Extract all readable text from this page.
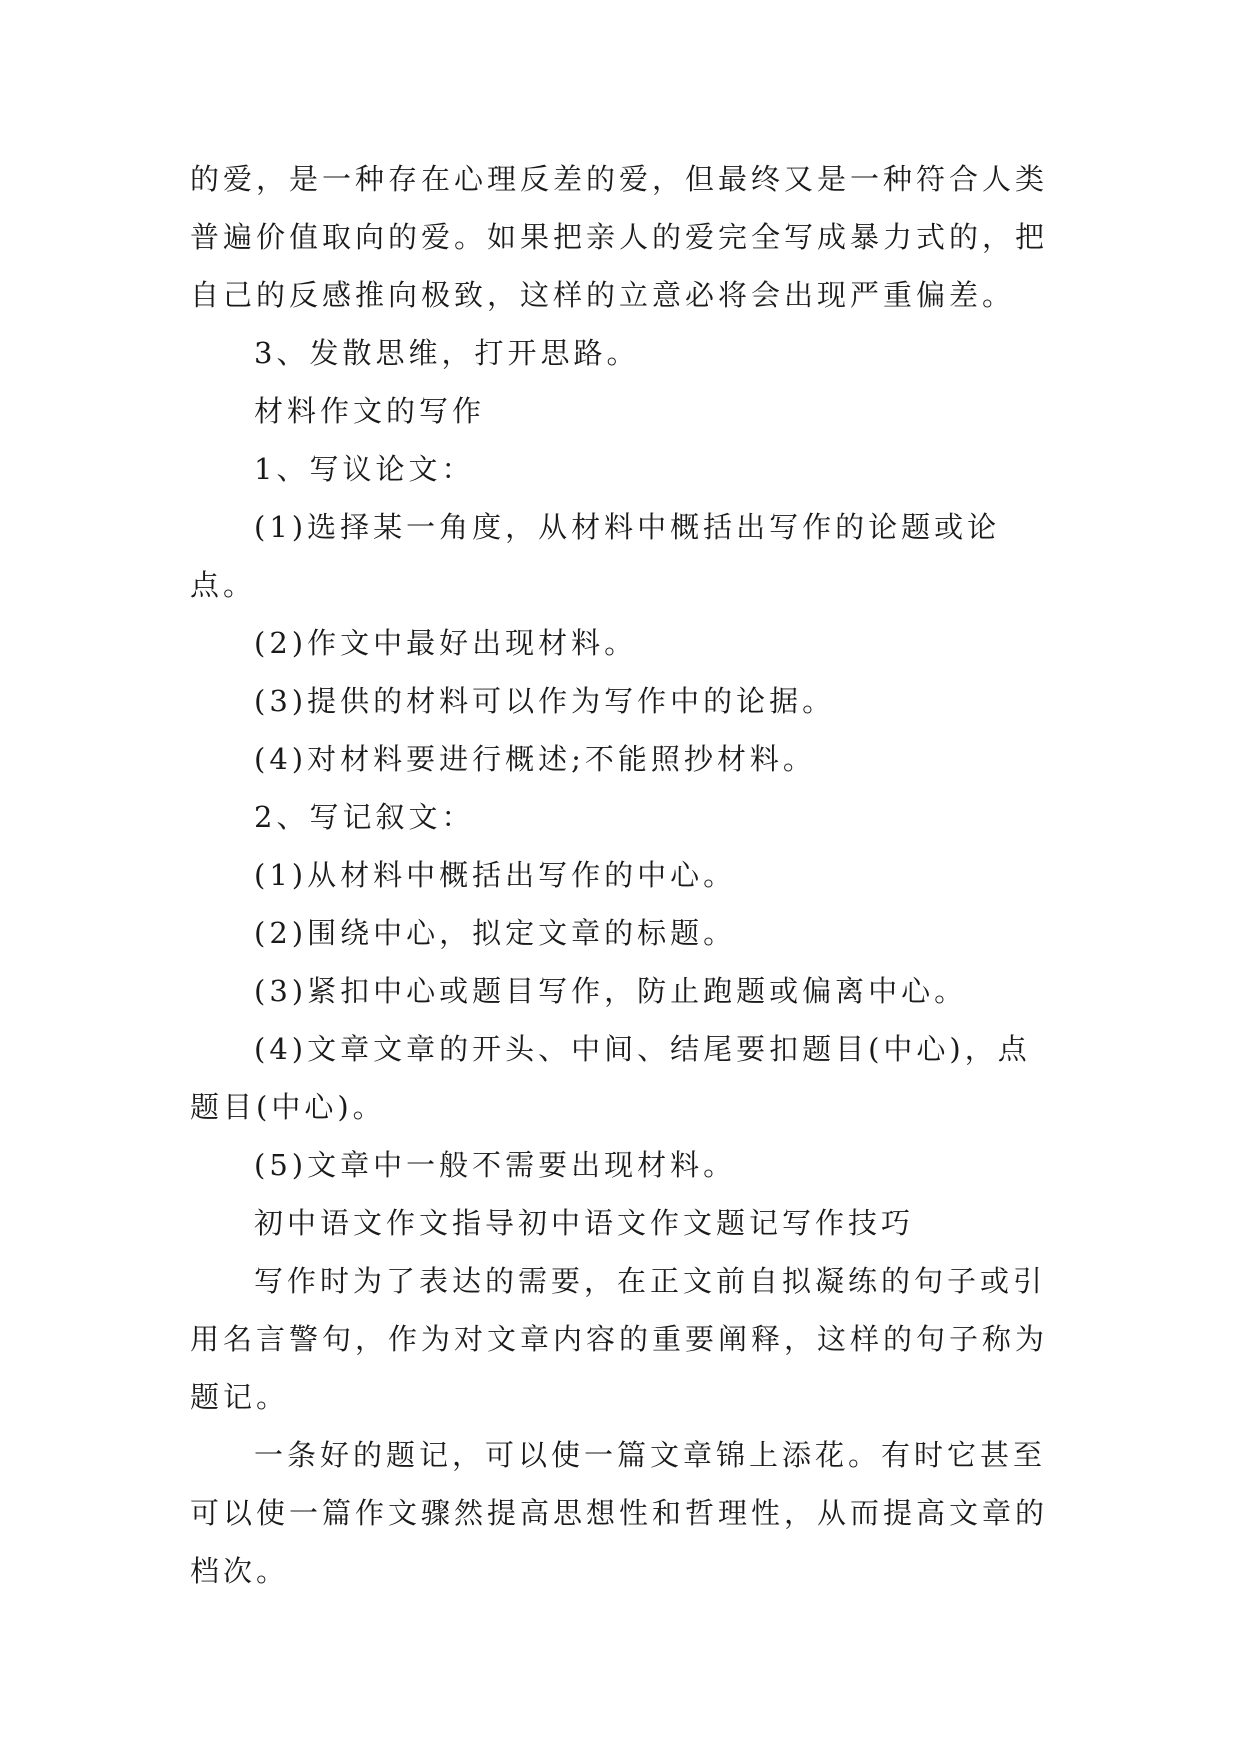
的爱，是一种存在心理反差的爱，但最终又是一种符合人类普遍价值取向的爱。如果把亲人的爱完全写成暴力式的，把自己的反感推向极致，这样的立意必将会出现严重偏差。

3、发散思维，打开思路。

材料作文的写作

1、写议论文：

(1)选择某一角度，从材料中概括出写作的论题或论点。

(2)作文中最好出现材料。

(3)提供的材料可以作为写作中的论据。

(4)对材料要进行概述;不能照抄材料。

2、写记叙文：

(1)从材料中概括出写作的中心。

(2)围绕中心，拟定文章的标题。

(3)紧扣中心或题目写作，防止跑题或偏离中心。

(4)文章文章的开头、中间、结尾要扣题目(中心)，点题目(中心)。

(5)文章中一般不需要出现材料。

初中语文作文指导初中语文作文题记写作技巧

写作时为了表达的需要，在正文前自拟凝练的句子或引用名言警句，作为对文章内容的重要阐释，这样的句子称为题记。

一条好的题记，可以使一篇文章锦上添花。有时它甚至可以使一篇作文骤然提高思想性和哲理性，从而提高文章的档次。
